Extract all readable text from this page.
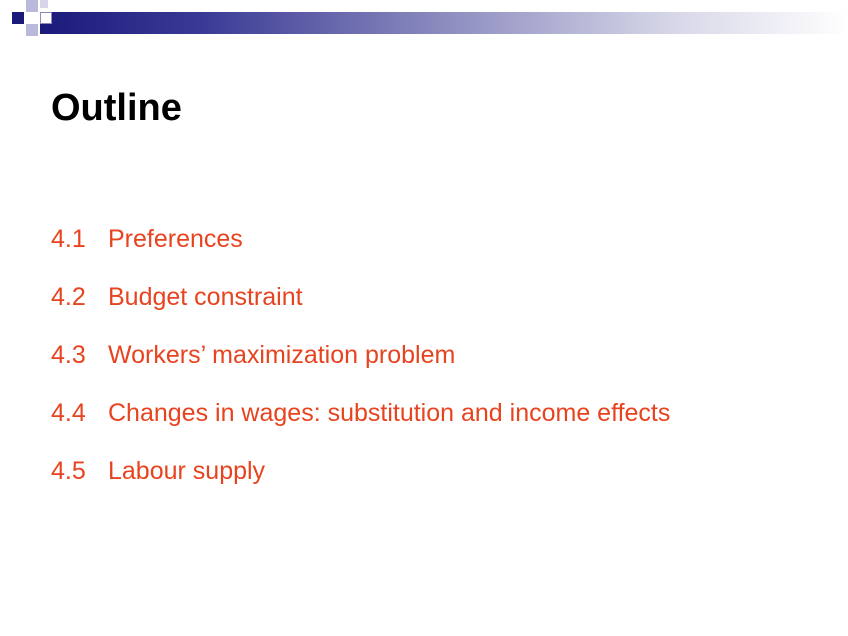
Outline
4.1 Preferences
4.2 Budget constraint
4.3 Workers’ maximization problem
4.4 Changes in wages: substitution and income effects
4.5 Labour supply
